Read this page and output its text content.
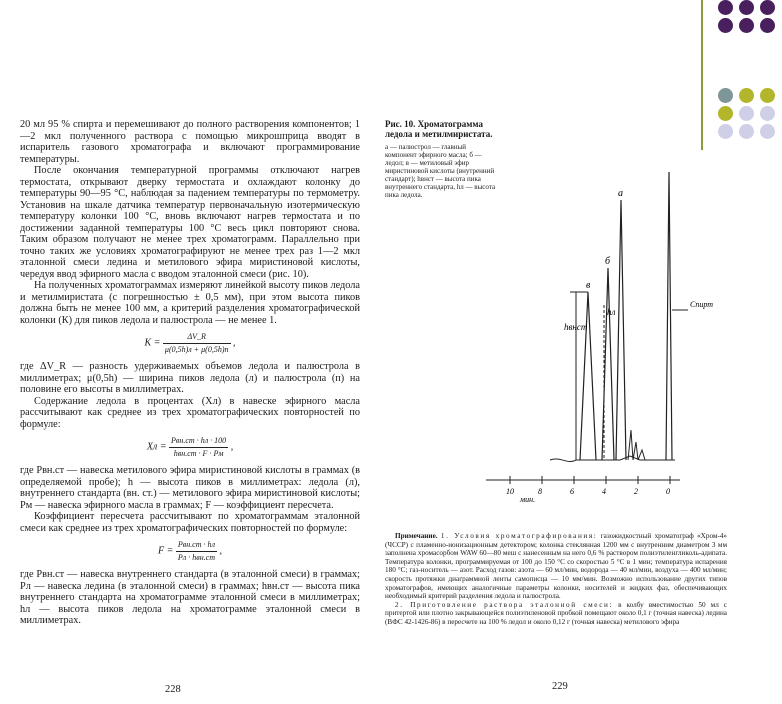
20 мл 95 % спирта и перемешивают до полного растворения компонентов; 1—2 мкл полученного раствора с помощью микрошприца вводят в испаритель газового хроматографа и включают программирование температуры.

После окончания температурной программы отключают нагрев термостата, открывают дверку термостата и охлаждают колонку до температуры 90—95 °C, наблюдая за падением температуры по термометру. Установив на шкале датчика температур первоначальную изотермическую температуру колонки 100 °C, вновь включают нагрев термостата и по достижении заданной температуры 100 °C весь цикл повторяют снова. Таким образом получают не менее трех хроматограмм. Параллельно при точно таких же условиях хроматографируют не менее трех раз 1—2 мкл эталонной смеси ледина и метилового эфира миристиновой кислоты, чередуя ввод эфирного масла с вводом эталонной смеси (рис. 10).

На полученных хроматограммах измеряют линейкой высоту пиков ледола и метилмиристата (с погрешностью ± 0,5 мм), при этом высота пиков должна быть не менее 100 мм, а критерий разделения хроматографической колонки (К) для пиков ледола и палюстрола — не менее 1.

$K = \frac{\Delta V\_R}{\mu(0,5h)л + \mu(0,5h)п}$ ,

где ΔV_R — разность удерживаемых объемов ледола и палюстрола в миллиметрах; μ(0,5h) — ширина пиков ледола (л) и палюстрола (п) на половине его высоты в миллиметрах.

Содержание ледола в процентах (Xл) в навеске эфирного масла рассчитывают как среднее из трех хроматографических повторностей по формуле:

Xл = $\frac{\text{Pвн.ст · hл · 100}}{\text{hвн.ст · F · Pм}}$ ,

где Pвн.ст — навеска метилового эфира миристиновой кислоты в граммах (в определяемой пробе); h — высота пиков в миллиметрах: ледола (л), внутреннего стандарта (вн. ст.) — метилового эфира миристиновой кислоты; Pм — навеска эфирного масла в граммах; F — коэффициент пересчета.

Коэффициент пересчета рассчитывают по хроматограммам эталонной смеси как среднее из трех хроматографических повторностей по формуле:

$F = \frac{\text{Pвн.ст · hл}}{\text{Pл · hвн.ст}}$ ,

где Pвн.ст — навеска внутреннего стандарта (в эталонной смеси) в граммах; Pл — навеска ледина (в эталонной смеси) в граммах; hвн.ст — высота пика внутреннего стандарта на хроматограмме эталонной смеси в миллиметрах; hл — высота пиков ледола на хроматограмме эталонной смеси в миллиметрах.

228
Рис. 10. Хроматограмма ледола и метилмиристата.
а — палюстрол — главный компонент эфирного масла; б — ледол; в — метиловый эфир миристиновой кислоты (внутренний стандарт); hвнст — высота пика внутреннего стандарта, hл — высота пика ледола.
10	8	6	4	2	0
а
б
в
hвнст
hл
Спирт
мин.

Примечание. 1. Условия хроматографирования: газожидкостный хроматограф «Хром-4» (ЧССР) с пламенно-ионизационным детектором; колонка стеклянная 1200 мм с внутренним диаметром 3 мм заполнена хромасорбом WAW 60—80 меш с нанесенным на него 0,6 % раствором полиэтиленгликоль-адипата. Температура колонки, программируемая от 100 до 150 °C со скоростью 5 °C в 1 мин; температура испарения 180 °C; газ-носитель — азот. Расход газов: азота — 60 мл/мин, водорода — 40 мл/мин, воздуха — 400 мл/мин; скорость протяжки диаграммной ленты самописца — 10 мм/мин. Возможно использование других типов хроматографов, имеющих аналогичные параметры колонки, носителей и жидких фаз, обеспечивающих необходимый критерий разделения ледола и палюстрола.

2. Приготовление раствора эталонной смеси: в колбу вместимостью 50 мл с притертой или плотно закрывающейся полиэтиленовой пробкой помещают около 0,1 г (точная навеска) ледина (ВФС 42-1426-86) в пересчете на 100 % ледол и около 0,12 г (точная навеска) метилового эфира

229
